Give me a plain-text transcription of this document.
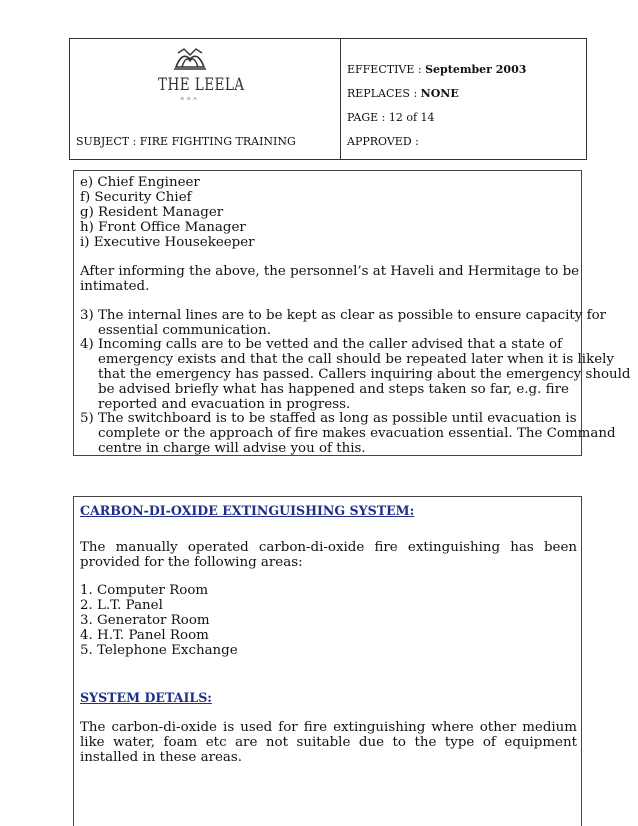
THE LEELA
GOA
SUBJECT : FIRE FIGHTING TRAINING
EFFECTIVE : September 2003
REPLACES : NONE
PAGE : 12 of 14
APPROVED :
e) Chief Engineer
f) Security Chief
g) Resident Manager
h) Front Office Manager
i) Executive Housekeeper
After informing the above, the personnel’s at Haveli and Hermitage to be
intimated.
3) The internal lines are to be kept as clear as possible to ensure capacity for
essential communication.
4) Incoming calls are to be vetted and the caller advised that a state of
emergency exists and that the call should be repeated later when it is likely
that the emergency has passed. Callers inquiring about the emergency should
be advised briefly what has happened and steps taken so far, e.g. fire
reported and evacuation in progress.
5) The switchboard is to be staffed as long as possible until evacuation is
complete or the approach of fire makes evacuation essential. The Command
centre in charge will advise you of this.
CARBON-DI-OXIDE EXTINGUISHING SYSTEM:
The manually operated carbon-di-oxide fire extinguishing has been provided for the following areas:
1. Computer Room
2. L.T. Panel
3. Generator Room
4. H.T. Panel Room
5. Telephone Exchange
SYSTEM DETAILS:
The carbon-di-oxide is used for fire extinguishing where other medium like water, foam etc are not suitable due to the type of equipment installed in these areas.
